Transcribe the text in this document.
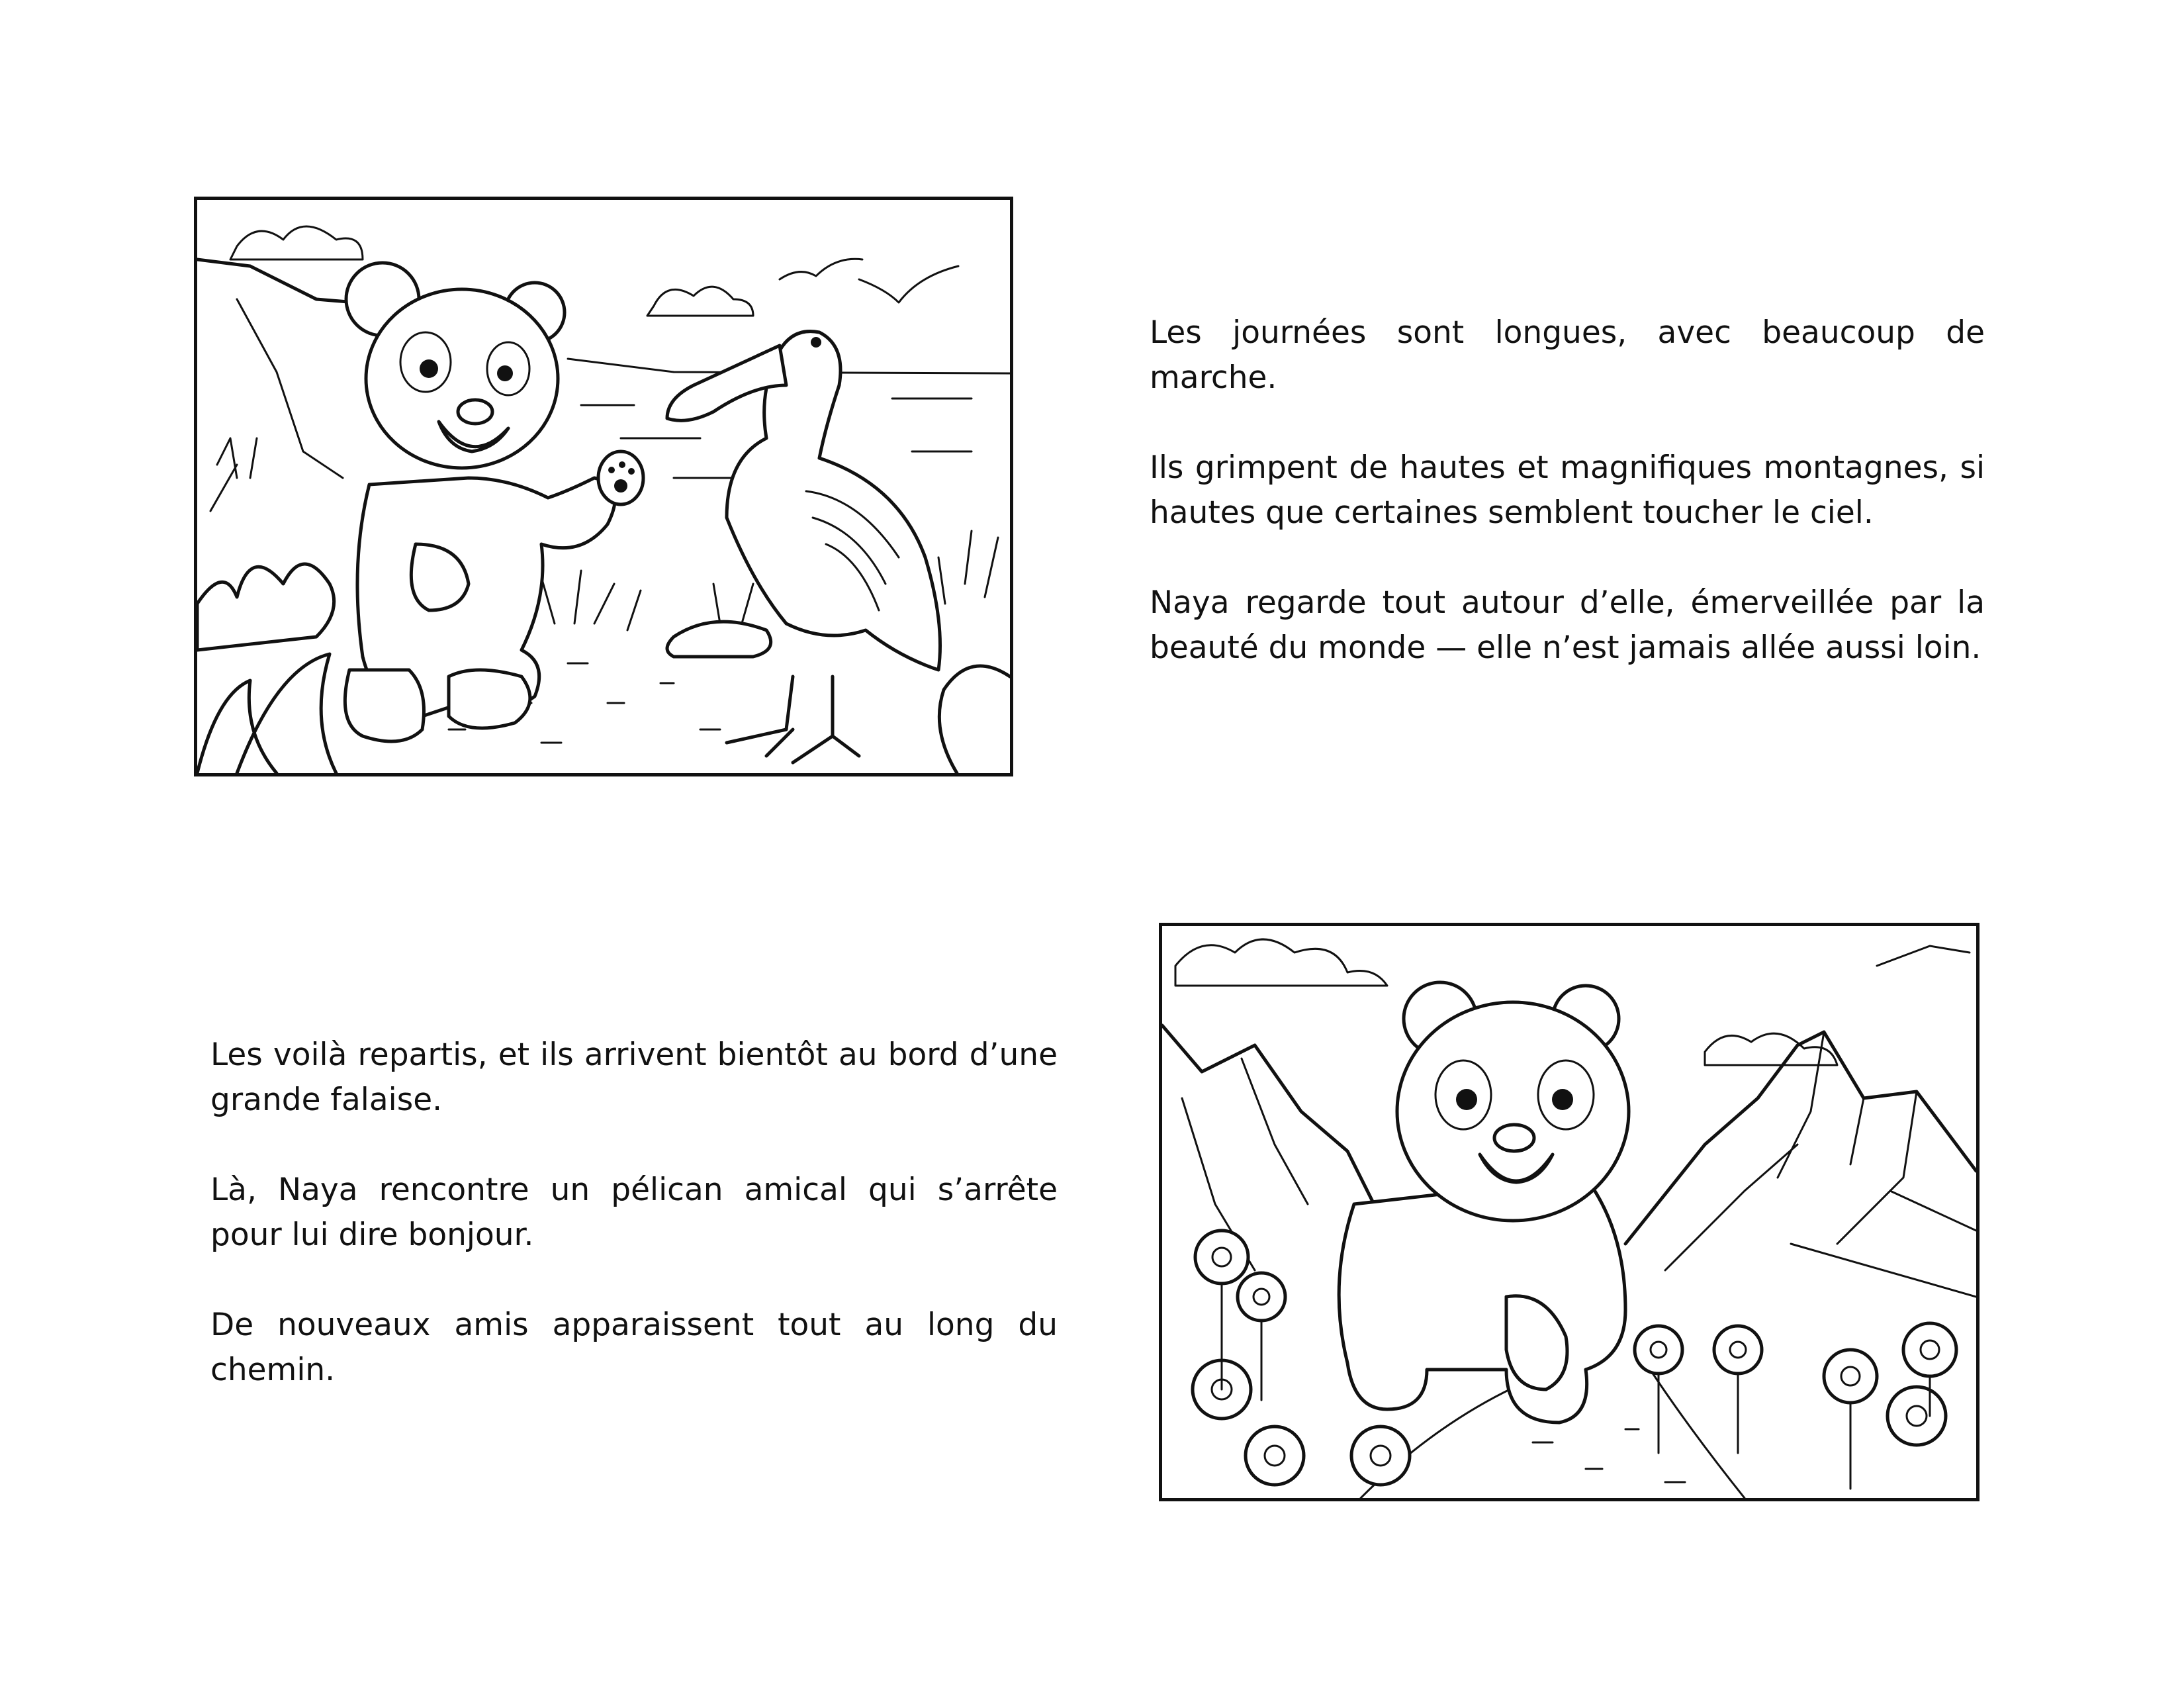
Les journées sont longues, avec beaucoup de marche.

Ils grimpent de hautes et magnifiques montagnes, si hautes que certaines semblent toucher le ciel.

Naya regarde tout autour d’elle, émerveillée par la beauté du monde — elle n’est jamais allée aussi loin.

Les voilà repartis, et ils arrivent bientôt au bord d’une grande falaise.

Là, Naya rencontre un pélican amical qui s’arrête pour lui dire bonjour.

De nouveaux amis apparaissent tout au long du chemin.
